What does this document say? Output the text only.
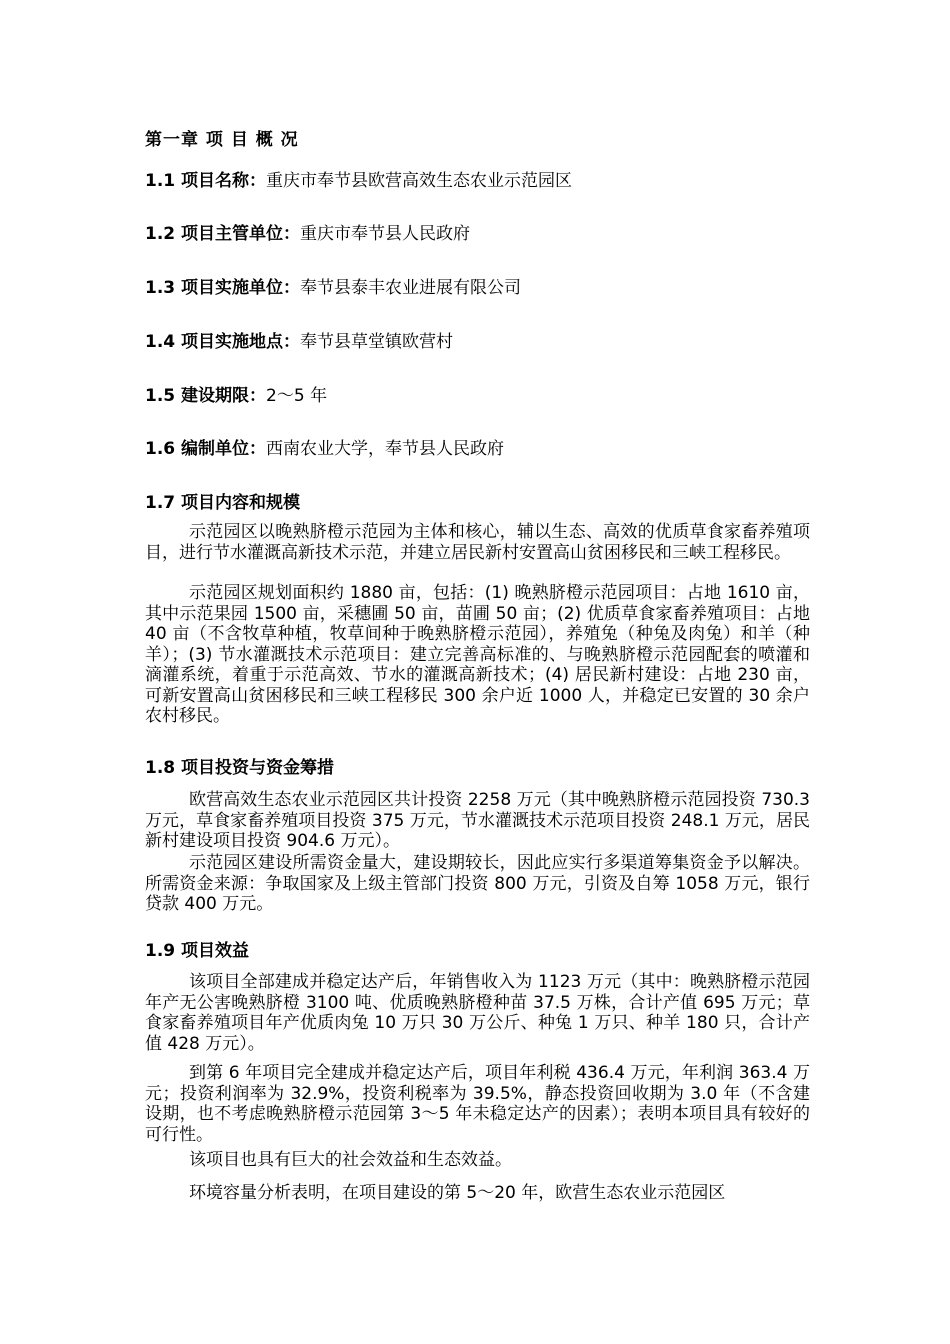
第一章 项 目 概 况
1.1 项目名称：重庆市奉节县欧营高效生态农业示范园区
1.2 项目主管单位：重庆市奉节县人民政府
1.3 项目实施单位：奉节县泰丰农业进展有限公司
1.4 项目实施地点：奉节县草堂镇欧营村
1.5 建设期限：2～5 年
1.6 编制单位：西南农业大学，奉节县人民政府
1.7 项目内容和规模

示范园区以晚熟脐橙示范园为主体和核心，辅以生态、高效的优质草食家畜养殖项目，进行节水灌溉高新技术示范，并建立居民新村安置高山贫困移民和三峡工程移民。

示范园区规划面积约 1880 亩，包括：(1) 晚熟脐橙示范园项目：占地 1610 亩，其中示范果园 1500 亩，采穗圃 50 亩，苗圃 50 亩；(2) 优质草食家畜养殖项目：占地 40 亩（不含牧草种植，牧草间种于晚熟脐橙示范园），养殖兔（种兔及肉兔）和羊（种羊）；(3) 节水灌溉技术示范项目：建立完善高标准的、与晚熟脐橙示范园配套的喷灌和滴灌系统，着重于示范高效、节水的灌溉高新技术；(4) 居民新村建设：占地 230 亩，可新安置高山贫困移民和三峡工程移民 300 余户近 1000 人，并稳定已安置的 30 余户农村移民。

1.8 项目投资与资金筹措

欧营高效生态农业示范园区共计投资 2258 万元（其中晚熟脐橙示范园投资 730.3 万元，草食家畜养殖项目投资 375 万元，节水灌溉技术示范项目投资 248.1 万元，居民新村建设项目投资 904.6 万元）。

示范园区建设所需资金量大，建设期较长，因此应实行多渠道筹集资金予以解决。所需资金来源：争取国家及上级主管部门投资 800 万元，引资及自筹 1058 万元，银行贷款 400 万元。

1.9 项目效益

该项目全部建成并稳定达产后，年销售收入为 1123 万元（其中：晚熟脐橙示范园年产无公害晚熟脐橙 3100 吨、优质晚熟脐橙种苗 37.5 万株，合计产值 695 万元；草食家畜养殖项目年产优质肉兔 10 万只 30 万公斤、种兔 1 万只、种羊 180 只，合计产值 428 万元）。

到第 6 年项目完全建成并稳定达产后，项目年利税 436.4 万元，年利润 363.4 万元；投资利润率为 32.9%，投资利税率为 39.5%，静态投资回收期为 3.0 年（不含建设期，也不考虑晚熟脐橙示范园第 3～5 年未稳定达产的因素）；表明本项目具有较好的可行性。

该项目也具有巨大的社会效益和生态效益。

环境容量分析表明，在项目建设的第 5～20 年，欧营生态农业示范园区
